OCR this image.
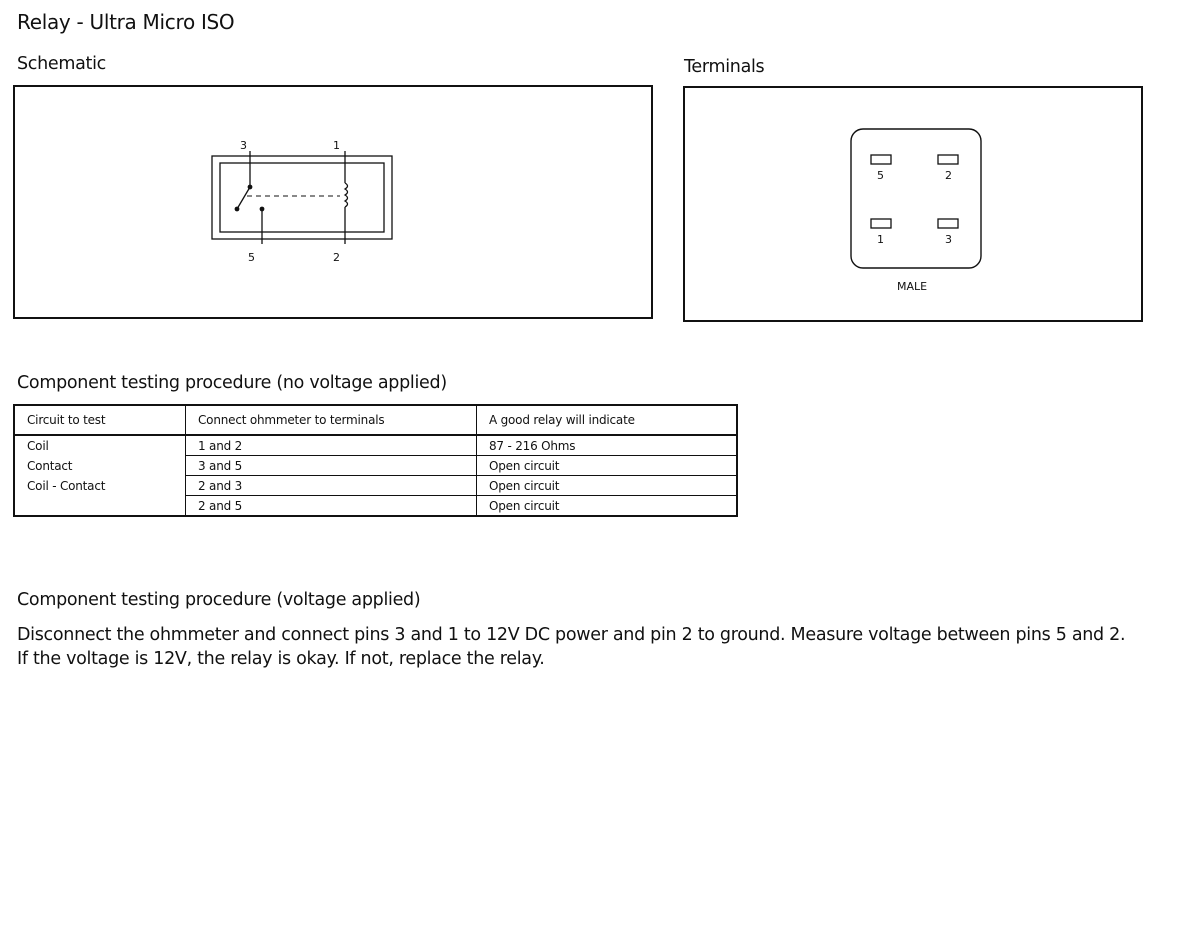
Relay - Ultra Micro ISO
Schematic
3	1
5	2
Terminals
5	2
1	3
MALE
Component testing procedure (no voltage applied)
Circuit to test	Connect ohmmeter to terminals	A good relay will indicate
Coil	1 and 2	87 - 216 Ohms
Contact	3 and 5	Open circuit
Coil - Contact	2 and 3	Open circuit
	2 and 5	Open circuit
Component testing procedure (voltage applied)
Disconnect the ohmmeter and connect pins 3 and 1 to 12V DC power and pin 2 to ground. Measure voltage between pins 5 and 2. If the voltage is 12V, the relay is okay. If not, replace the relay.
